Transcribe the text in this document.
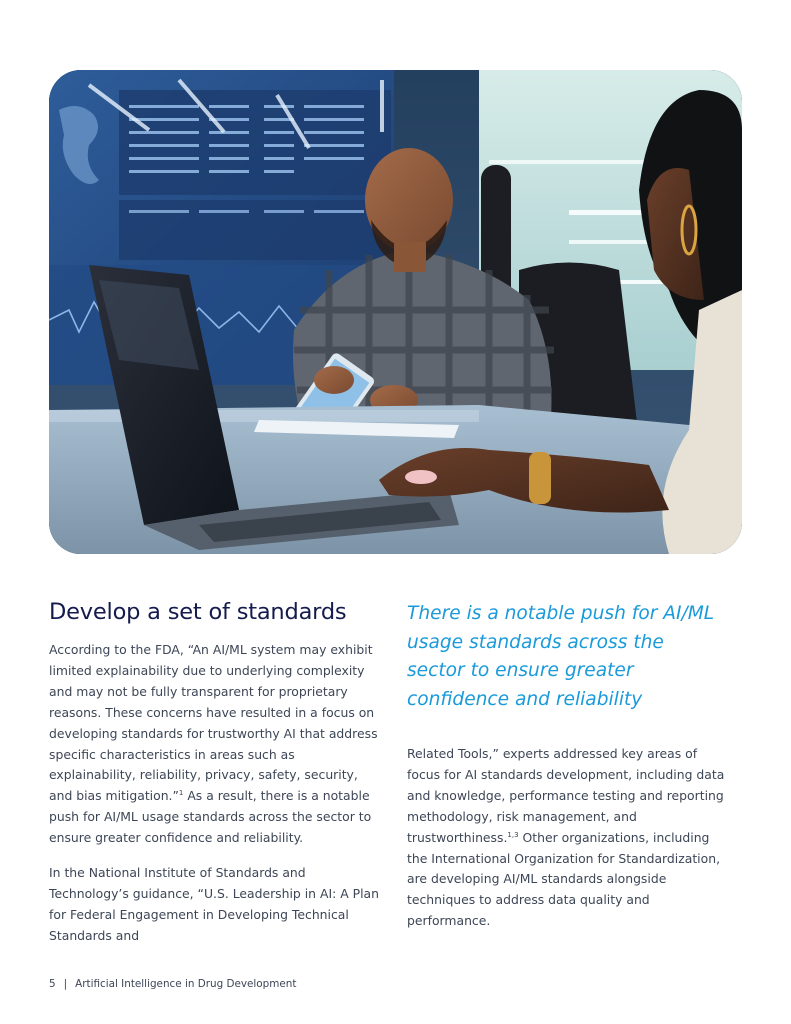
Develop a set of standards

According to the FDA, “An AI/ML system may exhibit limited explainability due to underlying complexity and may not be fully transparent for proprietary reasons. These concerns have resulted in a focus on developing standards for trustworthy AI that address specific characteristics in areas such as explainability, reliability, privacy, safety, security, and bias mitigation.”$^1$ As a result, there is a notable push for AI/ML usage standards across the sector to ensure greater confidence and reliability.

In the National Institute of Standards and Technology’s guidance, “U.S. Leadership in AI: A Plan for Federal Engagement in Developing Technical Standards and

There is a notable push for AI/ML usage standards across the sector to ensure greater confidence and reliability

Related Tools,” experts addressed key areas of focus for AI standards development, including data and knowledge, performance testing and reporting methodology, risk management, and trustworthiness.$^{1,3}$ Other organizations, including the International Organization for Standardization, are developing AI/ML standards alongside techniques to address data quality and performance.

5 | Artificial Intelligence in Drug Development
